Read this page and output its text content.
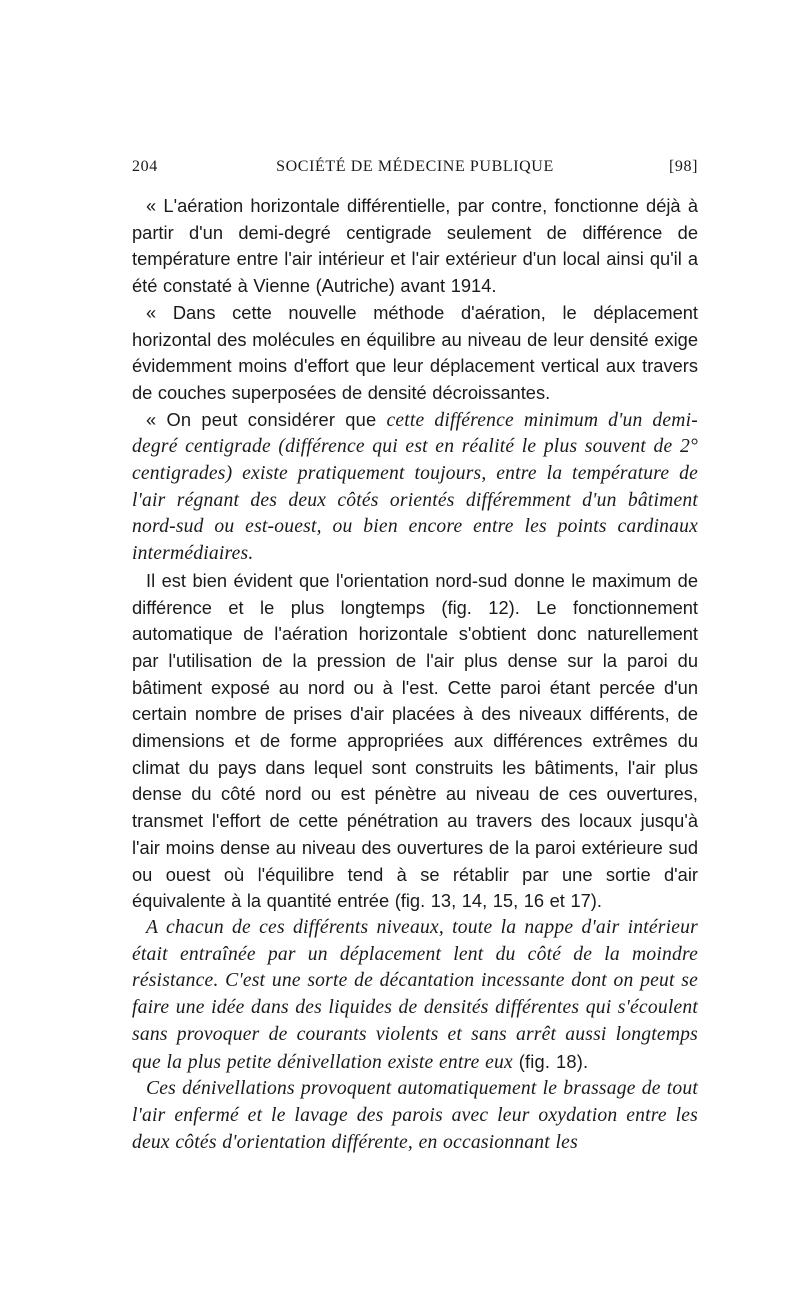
204	SOCIÉTÉ DE MÉDECINE PUBLIQUE	[98]

« L'aération horizontale différentielle, par contre, fonctionne déjà à partir d'un demi-degré centigrade seulement de différence de température entre l'air intérieur et l'air extérieur d'un local ainsi qu'il a été constaté à Vienne (Autriche) avant 1914.

« Dans cette nouvelle méthode d'aération, le déplacement horizontal des molécules en équilibre au niveau de leur densité exige évidemment moins d'effort que leur déplacement vertical aux travers de couches superposées de densité décroissantes.

« On peut considérer que cette différence minimum d'un demi-degré centigrade (différence qui est en réalité le plus souvent de 2° centigrades) existe pratiquement toujours, entre la température de l'air régnant des deux côtés orientés différemment d'un bâtiment nord-sud ou est-ouest, ou bien encore entre les points cardinaux intermédiaires.

Il est bien évident que l'orientation nord-sud donne le maximum de différence et le plus longtemps (fig. 12). Le fonctionnement automatique de l'aération horizontale s'obtient donc naturellement par l'utilisation de la pression de l'air plus dense sur la paroi du bâtiment exposé au nord ou à l'est. Cette paroi étant percée d'un certain nombre de prises d'air placées à des niveaux différents, de dimensions et de forme appropriées aux différences extrêmes du climat du pays dans lequel sont construits les bâtiments, l'air plus dense du côté nord ou est pénètre au niveau de ces ouvertures, transmet l'effort de cette pénétration au travers des locaux jusqu'à l'air moins dense au niveau des ouvertures de la paroi extérieure sud ou ouest où l'équilibre tend à se rétablir par une sortie d'air équivalente à la quantité entrée (fig. 13, 14, 15, 16 et 17).

A chacun de ces différents niveaux, toute la nappe d'air intérieur était entraînée par un déplacement lent du côté de la moindre résistance. C'est une sorte de décantation incessante dont on peut se faire une idée dans des liquides de densités différentes qui s'écoulent sans provoquer de courants violents et sans arrêt aussi longtemps que la plus petite dénivellation existe entre eux (fig. 18).

Ces dénivellations provoquent automatiquement le brassage de tout l'air enfermé et le lavage des parois avec leur oxydation entre les deux côtés d'orientation différente, en occasionnant les
